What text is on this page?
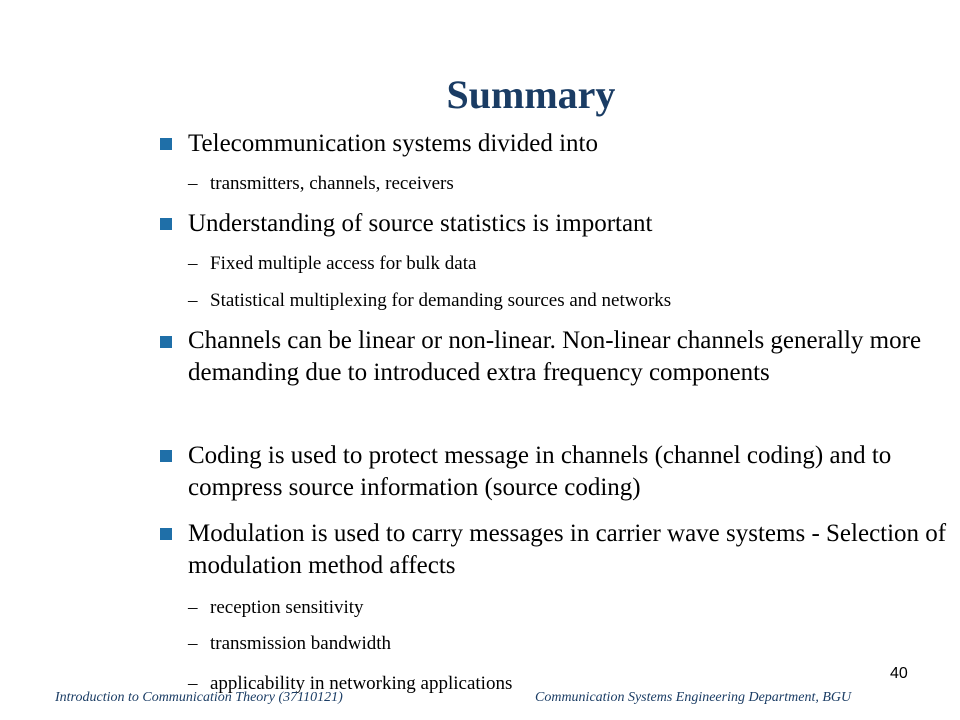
Summary
Telecommunication systems divided into
– transmitters, channels, receivers
Understanding of source statistics is important
– Fixed multiple access for bulk data
– Statistical multiplexing for demanding sources and networks
Channels can be linear or non-linear. Non-linear channels generally more demanding due to introduced extra frequency components
Coding is used to protect message in channels (channel coding) and to compress source information (source coding)
Modulation is used to carry messages in carrier wave systems - Selection of modulation method affects
– reception sensitivity
– transmission bandwidth
– applicability in networking applications	40
Introduction to Communication Theory (37110121)	Communication Systems Engineering Department, BGU
